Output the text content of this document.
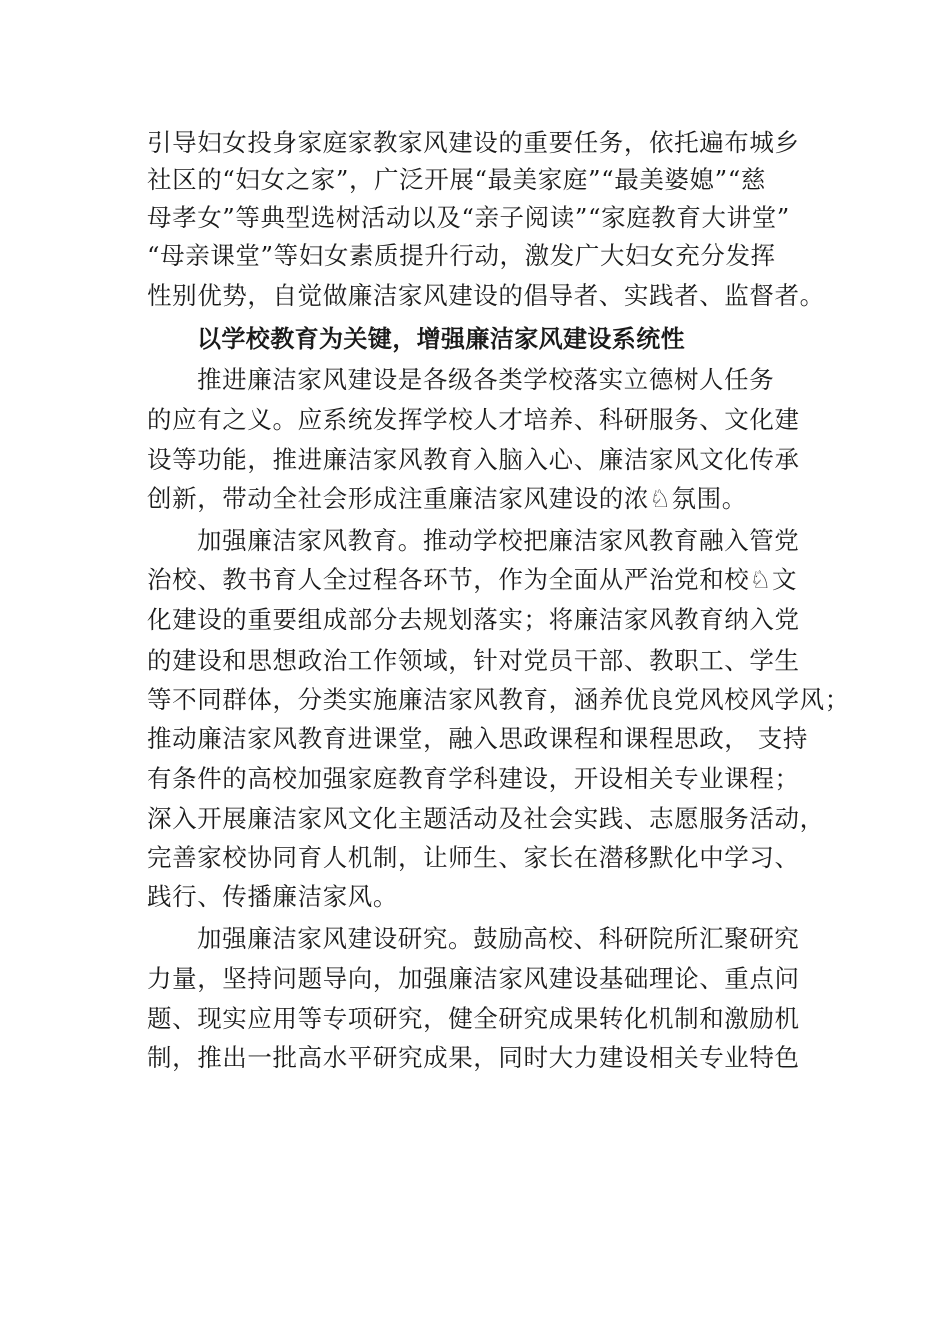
引导妇女投身家庭家教家风建设的重要任务，依托遍布城乡
社区的“妇女之家”，广泛开展“最美家庭”“最美婆媳”“慈
母孝女”等典型选树活动以及“亲子阅读”“家庭教育大讲堂”
“母亲课堂”等妇女素质提升行动，激发广大妇女充分发挥
性别优势，自觉做廉洁家风建设的倡导者、实践者、监督者。
以学校教育为关键，增强廉洁家风建设系统性
推进廉洁家风建设是各级各类学校落实立德树人任务
的应有之义。应系统发挥学校人才培养、科研服务、文化建
设等功能，推进廉洁家风教育入脑入心、廉洁家风文化传承
创新，带动全社会形成注重廉洁家风建设的浓♘氛围。
加强廉洁家风教育。推动学校把廉洁家风教育融入管党
治校、教书育人全过程各环节，作为全面从严治党和校♘文
化建设的重要组成部分去规划落实；将廉洁家风教育纳入党
的建设和思想政治工作领域，针对党员干部、教职工、学生
等不同群体，分类实施廉洁家风教育，涵养优良党风校风学风；
推动廉洁家风教育进课堂，融入思政课程和课程思政， 支持
有条件的高校加强家庭教育学科建设，开设相关专业课程；
深入开展廉洁家风文化主题活动及社会实践、志愿服务活动，
完善家校协同育人机制，让师生、家长在潜移默化中学习、
践行、传播廉洁家风。
加强廉洁家风建设研究。鼓励高校、科研院所汇聚研究
力量，坚持问题导向，加强廉洁家风建设基础理论、重点问
题、现实应用等专项研究，健全研究成果转化机制和激励机
制，推出一批高水平研究成果，同时大力建设相关专业特色
